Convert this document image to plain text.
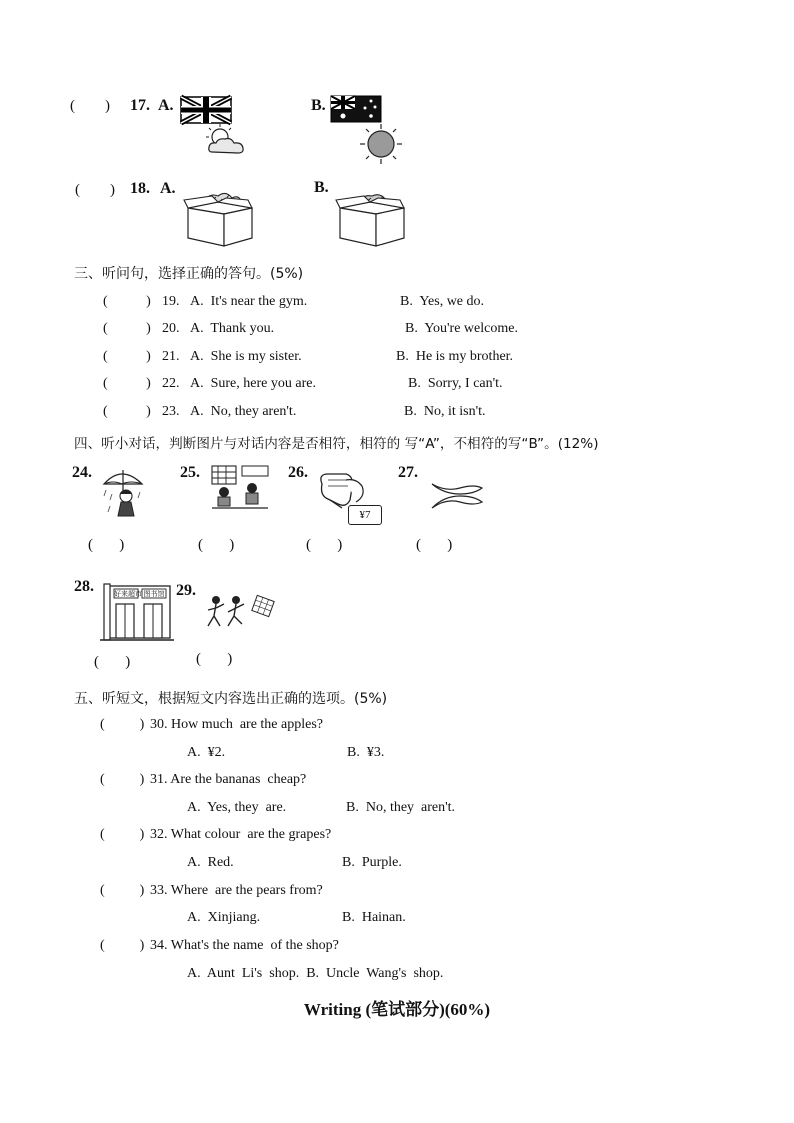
(        ) 17. A.	B.
(        ) 18. A.	B.
三、听问句，选择正确的答句。(5%)
(           ) 19. A.  It's near the gym.	B.  Yes, we do.
(           ) 20. A.  Thank you.	B.  You're welcome.
(           ) 21. A.  She is my sister.	B.  He is my brother.
(           ) 22. A.  Sure, here you are.	B.  Sorry, I can't.
(           ) 23. A.  No, they aren't.	B.  No, it isn't.
四、听小对话，判断图片与对话内容是否相符，相符的 写“A”，不相符的写“B”。(12%)
24.
(       )
25.
(       )
26.
¥7
(       )
27.
(       )
28.	好来超市 图书馆
(       )
29.
(       )
五、听短文，根据短文内容选出正确的选项。(5%)
(          ) 30. How much  are the apples?
A.  ¥2.	B.  ¥3.
(          ) 31. Are the bananas  cheap?
A.  Yes, they  are.	B.  No, they  aren't.
(          ) 32. What colour  are the grapes?
A.  Red.	B.  Purple.
(          ) 33. Where  are the pears from?
A.  Xinjiang.	B.  Hainan.
(          ) 34. What's the name  of the shop?
A.  Aunt  Li's  shop.  B.  Uncle  Wang's  shop.
Writing (笔试部分)(60%)
